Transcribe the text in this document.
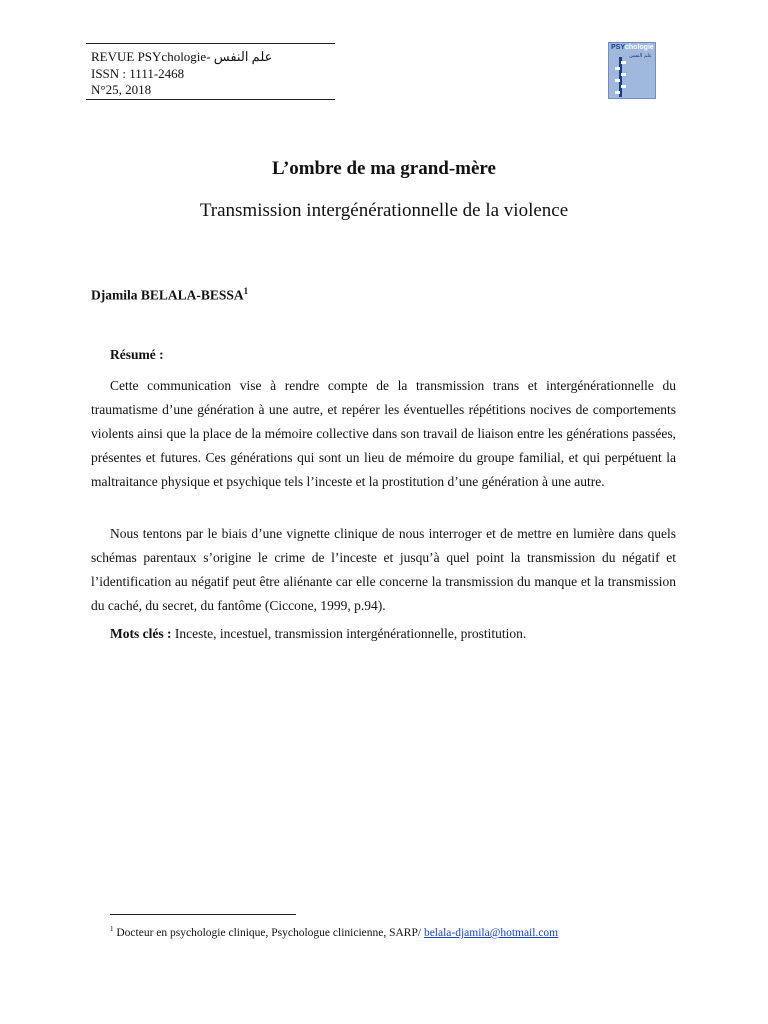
REVUE PSYchologie- علم النفس
ISSN : 1111-2468
N°25, 2018
PSYchologie
علم النفس
L’ombre de ma grand-mère
Transmission intergénérationnelle de la violence
Djamila BELALA-BESSA$^1$
Résumé :

Cette communication vise à rendre compte de la transmission trans et intergénérationnelle du traumatisme d’une génération à une autre, et repérer les éventuelles répétitions nocives de comportements violents ainsi que la place de la mémoire collective dans son travail de liaison entre les générations passées, présentes et futures. Ces générations qui sont un lieu de mémoire du groupe familial, et qui perpétuent la maltraitance physique et psychique tels l’inceste et la prostitution d’une génération à une autre.

Nous tentons par le biais d’une vignette clinique de nous interroger et de mettre en lumière dans quels schémas parentaux s’origine le crime de l’inceste et jusqu’à quel point la transmission du négatif et l’identification au négatif peut être aliénante car elle concerne la transmission du manque et la transmission du caché, du secret, du fantôme (Ciccone, 1999, p.94).

Mots clés : Inceste, incestuel, transmission intergénérationnelle, prostitution.
$^1$ Docteur en psychologie clinique, Psychologue clinicienne, SARP/ belala-djamila@hotmail.com
